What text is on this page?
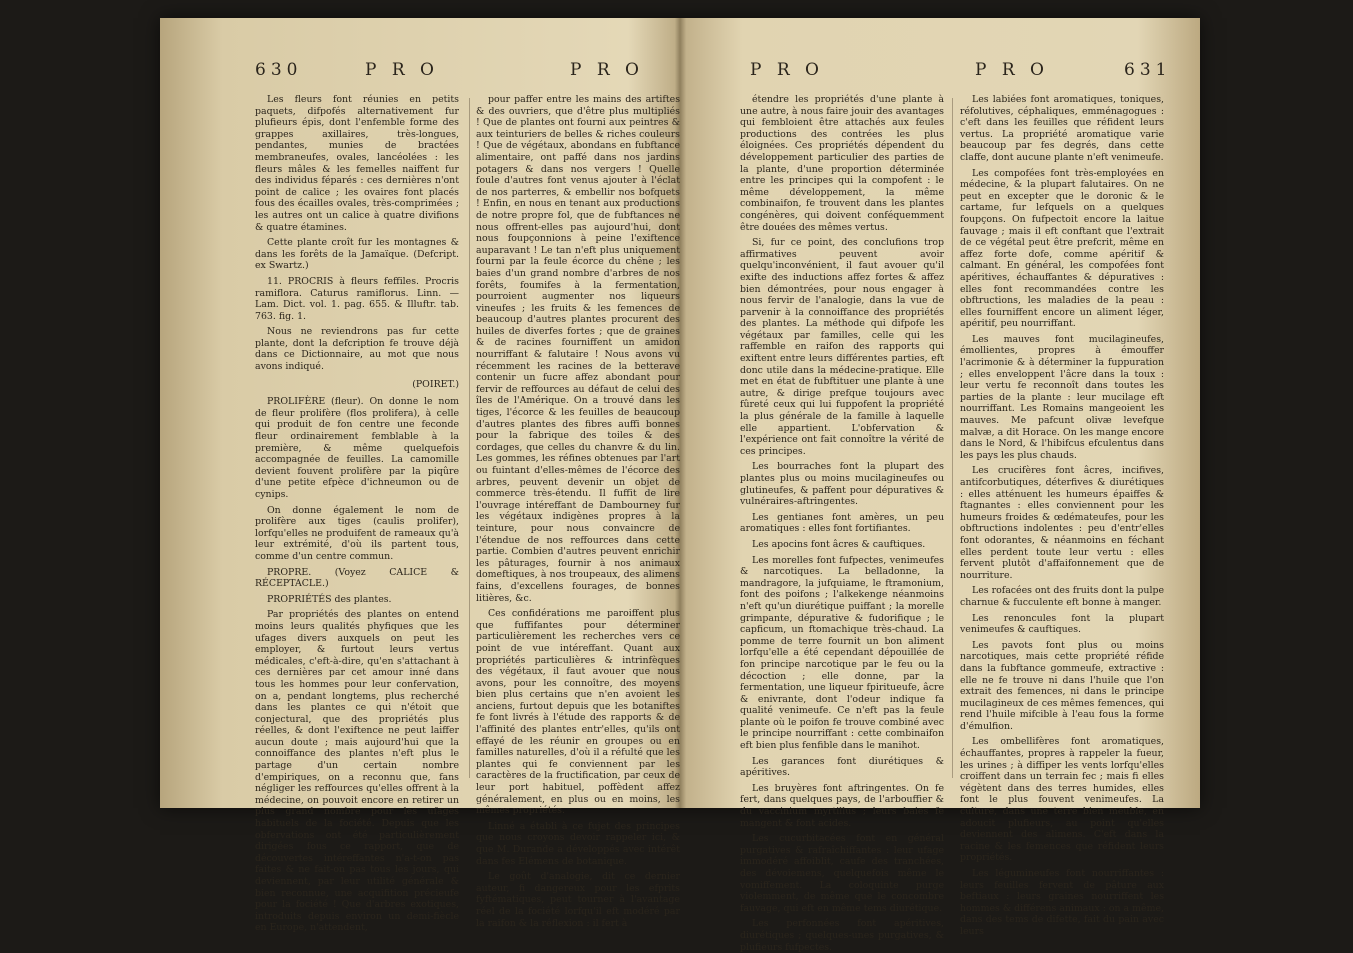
630	P R O	P R O

Les fleurs font réunies en petits paquets, difpofés alternativement fur plufieurs épis, dont l'enfemble forme des grappes axillaires, très-longues, pendantes, munies de bractées membraneufes, ovales, lancéolées : les fleurs mâles & les femelles naiffent fur des individus féparés : ces dernières n'ont point de calice ; les ovaires font placés fous des écailles ovales, très-comprimées ; les autres ont un calice à quatre divifions & quatre étamines.

Cette plante croît fur les montagnes & dans les forêts de la Jamaïque. (Defcript. ex Swartz.)

11. PROCRIS à fleurs feffiles. Procris ramiflora. Caturus ramiflorus. Linn. — Lam. Dict. vol. 1. pag. 655. & Illuftr. tab. 763. fig. 1.

Nous ne reviendrons pas fur cette plante, dont la defcription fe trouve déjà dans ce Dictionnaire, au mot que nous avons indiqué.

(POIRET.)

PROLIFÈRE (fleur). On donne le nom de fleur prolifère (flos prolifera), à celle qui produit de fon centre une feconde fleur ordinairement femblable à la première, & même quelquefois accompagnée de feuilles. La camomille devient fouvent prolifère par la piqûre d'une petite efpèce d'ichneumon ou de cynips.

On donne également le nom de prolifère aux tiges (caulis prolifer), lorfqu'elles ne produifent de rameaux qu'à leur extrémité, d'où ils partent tous, comme d'un centre commun.

PROPRE. (Voyez CALICE & RÉCEPTACLE.)

PROPRIÉTÉS des plantes.

Par propriétés des plantes on entend moins leurs qualités phyfiques que les ufages divers auxquels on peut les employer, & furtout leurs vertus médicales, c'eft-à-dire, qu'en s'attachant à ces dernières par cet amour inné dans tous les hommes pour leur confervation, on a, pendant longtems, plus recherché dans les plantes ce qui n'étoit que conjectural, que des propriétés plus réelles, & dont l'exiftence ne peut laiffer aucun doute ; mais aujourd'hui que la connoiffance des plantes n'eft plus le partage d'un certain nombre d'empiriques, on a reconnu que, fans négliger les reffources qu'elles offrent à la médecine, on pouvoit encore en retirer un plus grand nombre pour les ufages habituels de la fociété. Depuis que les obfervations ont été particulièrement dirigées fous ce rapport, que de découvertes intéreffantes n'a-t-on pas faites & ne fait-on pas tous les jours, qui deviennent, par leur utilité générale & bien reconnue, une acquifition précieufe pour la fociété ! Que d'arbres exotiques, introduits depuis environ un demi-fiècle en Europe, n'attendent,

pour paffer entre les mains des artiftes & des ouvriers, que d'être plus multipliés ! Que de plantes ont fourni aux peintres & aux teinturiers de belles & riches couleurs ! Que de végétaux, abondans en fubftance alimentaire, ont paffé dans nos jardins potagers & dans nos vergers ! Quelle foule d'autres font venus ajouter à l'éclat de nos parterres, & embellir nos bofquets ! Enfin, en nous en tenant aux productions de notre propre fol, que de fubftances ne nous offrent-elles pas aujourd'hui, dont nous foupçonnions à peine l'exiftence auparavant ! Le tan n'eft plus uniquement fourni par la feule écorce du chêne ; les baies d'un grand nombre d'arbres de nos forêts, foumifes à la fermentation, pourroient augmenter nos liqueurs vineufes ; les fruits & les femences de beaucoup d'autres plantes procurent des huiles de diverfes fortes ; que de graines & de racines fourniffent un amidon nourriffant & falutaire ! Nous avons vu récemment les racines de la betterave contenir un fucre affez abondant pour fervir de reffources au défaut de celui des îles de l'Amérique. On a trouvé dans les tiges, l'écorce & les feuilles de beaucoup d'autres plantes des fibres auffi bonnes pour la fabrique des toiles & des cordages, que celles du chanvre & du lin. Les gommes, les réfines obtenues par l'art ou fuintant d'elles-mêmes de l'écorce des arbres, peuvent devenir un objet de commerce très-étendu. Il fuffit de lire l'ouvrage intéreffant de Dambourney fur les végétaux indigènes propres à la teinture, pour nous convaincre de l'étendue de nos reffources dans cette partie. Combien d'autres peuvent enrichir les pâturages, fournir à nos animaux domeftiques, à nos troupeaux, des alimens fains, d'excellens fourages, de bonnes litières, &c.

Ces confidérations me paroiffent plus que fuffifantes pour déterminer particulièrement les recherches vers ce point de vue intéreffant. Quant aux propriétés particulières & intrinfèques des végétaux, il faut avouer que nous avons, pour les connoître, des moyens bien plus certains que n'en avoient les anciens, furtout depuis que les botaniftes fe font livrés à l'étude des rapports & de l'affinité des plantes entr'elles, qu'ils ont effayé de les réunir en groupes ou en familles naturelles, d'où il a réfulté que les plantes qui fe conviennent par les caractères de la fructification, par ceux de leur port habituel, poffèdent affez généralement, en plus ou en moins, les mêmes propriétés.

Linné a établi à ce fujet des principes que nous croyons devoir rappeler ici, & que M. Durande a développés avec intérêt dans fes Elémens de botanique.

Le goût d'analogie, dit ce dernier auteur, fi dangereux pour les efprits fyftématiques, peut tourner à l'avantage réel de la fociété lorfqu'il eft modéré par la raifon & la réflexion : il fert à

P R O	P R O	631

étendre les propriétés d'une plante à une autre, à nous faire jouir des avantages qui fembloient être attachés aux feules productions des contrées les plus éloignées. Ces propriétés dépendent du développement particulier des parties de la plante, d'une proportion déterminée entre les principes qui la compofent : le même développement, la même combinaifon, fe trouvent dans les plantes congénères, qui doivent conféquemment être douées des mêmes vertus.

Si, fur ce point, des conclufions trop affirmatives peuvent avoir quelqu'inconvénient, il faut avouer qu'il exifte des inductions affez fortes & affez bien démontrées, pour nous engager à nous fervir de l'analogie, dans la vue de parvenir à la connoiffance des propriétés des plantes. La méthode qui difpofe les végétaux par familles, celle qui les raffemble en raifon des rapports qui exiftent entre leurs différentes parties, eft donc utile dans la médecine-pratique. Elle met en état de fubftituer une plante à une autre, & dirige prefque toujours avec fûreté ceux qui lui fuppofent la propriété la plus générale de la famille à laquelle elle appartient. L'obfervation & l'expérience ont fait connoître la vérité de ces principes.

Les bourraches font la plupart des plantes plus ou moins mucilagineufes ou glutineufes, & paffent pour dépuratives & vulnéraires-aftringentes.

Les gentianes font amères, un peu aromatiques : elles font fortifiantes.

Les apocins font âcres & cauftiques.

Les morelles font fufpectes, venimeufes & narcotiques. La belladonne, la mandragore, la jufquiame, le ftramonium, font des poifons ; l'alkekenge néanmoins n'eft qu'un diurétique puiffant ; la morelle grimpante, dépurative & fudorifique ; le capficum, un ftomachique très-chaud. La pomme de terre fournit un bon aliment lorfqu'elle a été cependant dépouillée de fon principe narcotique par le feu ou la décoction ; elle donne, par la fermentation, une liqueur fpiritueufe, âcre & enivrante, dont l'odeur indique fa qualité venimeufe. Ce n'eft pas la feule plante où le poifon fe trouve combiné avec le principe nourriffant : cette combinaifon eft bien plus fenfible dans le manihot.

Les garances font diurétiques & apéritives.

Les bruyères font aftringentes. On fe fert, dans quelques pays, de l'arbouffier & du vaccinium myrtillus ; leurs baies fe mangent & font acides.

Les cucurbitacées font en général purgatives & rafraîchiffantes : leur ufage immodéré affoiblit, caufe des tranchées, des dévoiemens, quelquefois même le vomiffement. La coloquinte purge violemment, de même que le concombre fauvage, qui eft en même tems diurétique.

Les perfonnées font apéritives, diurétiques ; quelques-unes purgatives, & plufieurs fufpectes.

Les labiées font aromatiques, toniques, réfolutives, céphaliques, emménagogues : c'eft dans les feuilles que réfident leurs vertus. La propriété aromatique varie beaucoup par fes degrés, dans cette claffe, dont aucune plante n'eft venimeufe.

Les compofées font très-employées en médecine, & la plupart falutaires. On ne peut en excepter que le doronic & le cartame, fur lefquels on a quelques foupçons. On fufpectoit encore la laitue fauvage ; mais il eft conftant que l'extrait de ce végétal peut être prefcrit, même en affez forte dofe, comme apéritif & calmant. En général, les compofées font apéritives, échauffantes & dépuratives : elles font recommandées contre les obftructions, les maladies de la peau : elles fourniffent encore un aliment léger, apéritif, peu nourriffant.

Les mauves font mucilagineufes, émollientes, propres à émouffer l'acrimonie & à déterminer la fuppuration ; elles enveloppent l'âcre dans la toux : leur vertu fe reconnoît dans toutes les parties de la plante : leur mucilage eft nourriffant. Les Romains mangeoient les mauves. Me pafcunt olivæ levefque malvæ, a dit Horace. On les mange encore dans le Nord, & l'hibifcus efculentus dans les pays les plus chauds.

Les crucifères font âcres, incifives, antifcorbutiques, déterfives & diurétiques : elles atténuent les humeurs épaiffes & ftagnantes : elles conviennent pour les humeurs froides & œdémateufes, pour les obftructions indolentes : peu d'entr'elles font odorantes, & néanmoins en féchant elles perdent toute leur vertu : elles fervent plutôt d'affaifonnement que de nourriture.

Les rofacées ont des fruits dont la pulpe charnue & fucculente eft bonne à manger.

Les renoncules font la plupart venimeufes & cauftiques.

Les pavots font plus ou moins narcotiques, mais cette propriété réfide dans la fubftance gommeufe, extractive : elle ne fe trouve ni dans l'huile que l'on extrait des femences, ni dans le principe mucilagineux de ces mêmes femences, qui rend l'huile mifcible à l'eau fous la forme d'émulfion.

Les ombellifères font aromatiques, échauffantes, propres à rappeler la fueur, les urines ; à diffiper les vents lorfqu'elles croiffent dans un terrain fec ; mais fi elles végètent dans des terres humides, elles font le plus fouvent venimeufes. La culture, dans une terre bien meuble, en adoucit plufieurs, au point qu'elles deviennent des alimens. C'eft dans la racine & les femences que réfident leurs propriétés.

Les légumineufes font nourriffantes : leurs feuilles fervent de pâture aux beftiaux : leurs graines nourriffent les hommes & différens animaux : on a même, dans des tems de difette, fait du pain avec leurs
